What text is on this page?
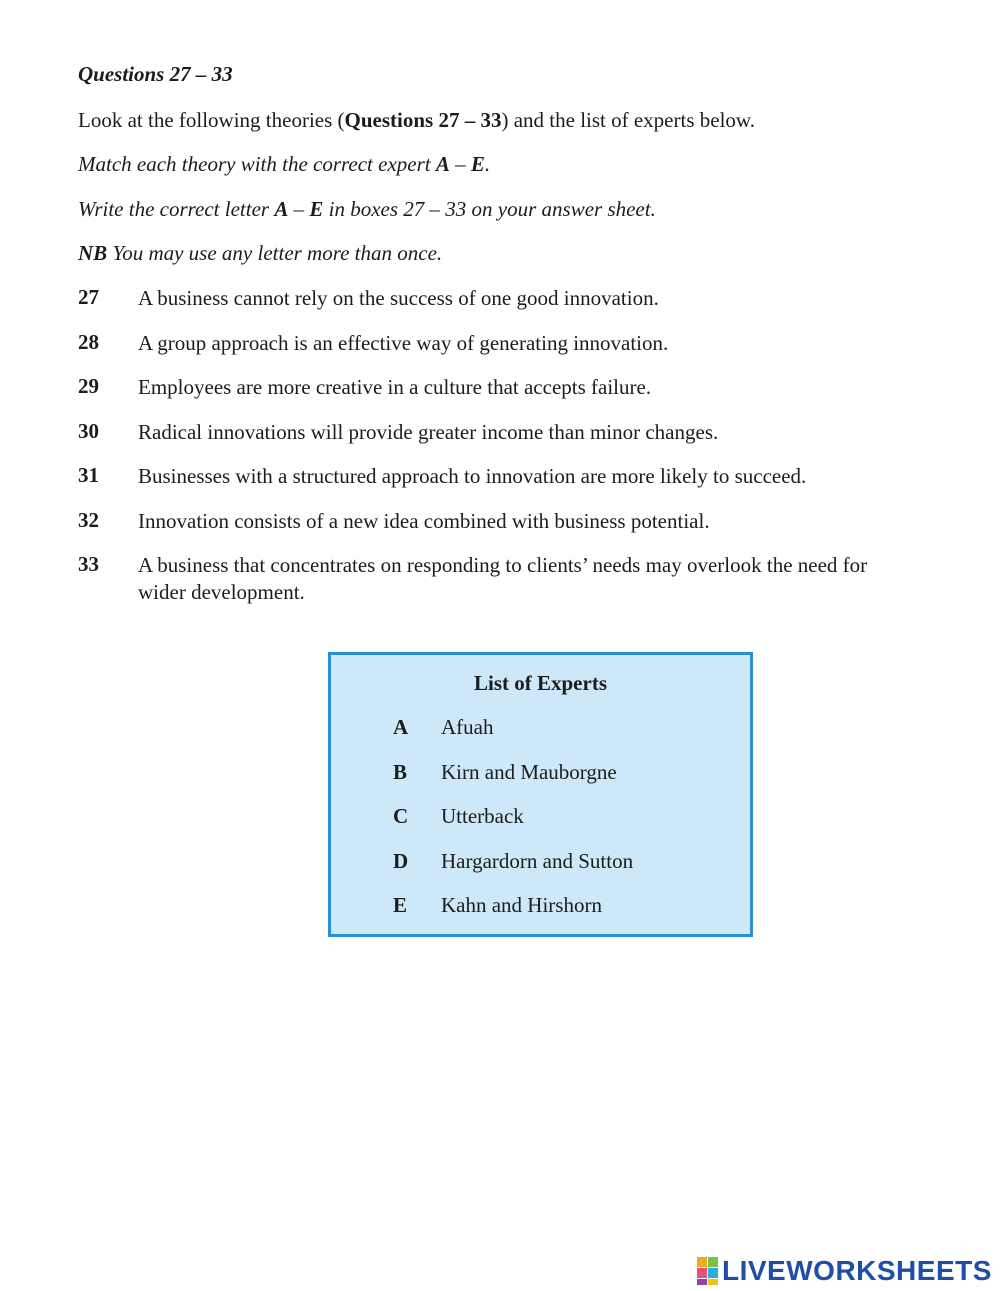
Questions 27 – 33
Look at the following theories (Questions 27 – 33) and the list of experts below.
Match each theory with the correct expert A – E.
Write the correct letter A – E in boxes 27 – 33 on your answer sheet.
NB You may use any letter more than once.
27 A business cannot rely on the success of one good innovation.
28 A group approach is an effective way of generating innovation.
29 Employees are more creative in a culture that accepts failure.
30 Radical innovations will provide greater income than minor changes.
31 Businesses with a structured approach to innovation are more likely to succeed.
32 Innovation consists of a new idea combined with business potential.
33 A business that concentrates on responding to clients’ needs may overlook the need for wider development.
List of Experts
A Afuah
B Kirn and Mauborgne
C Utterback
D Hargardorn and Sutton
E Kahn and Hirshorn
LIVEWORKSHEETS
